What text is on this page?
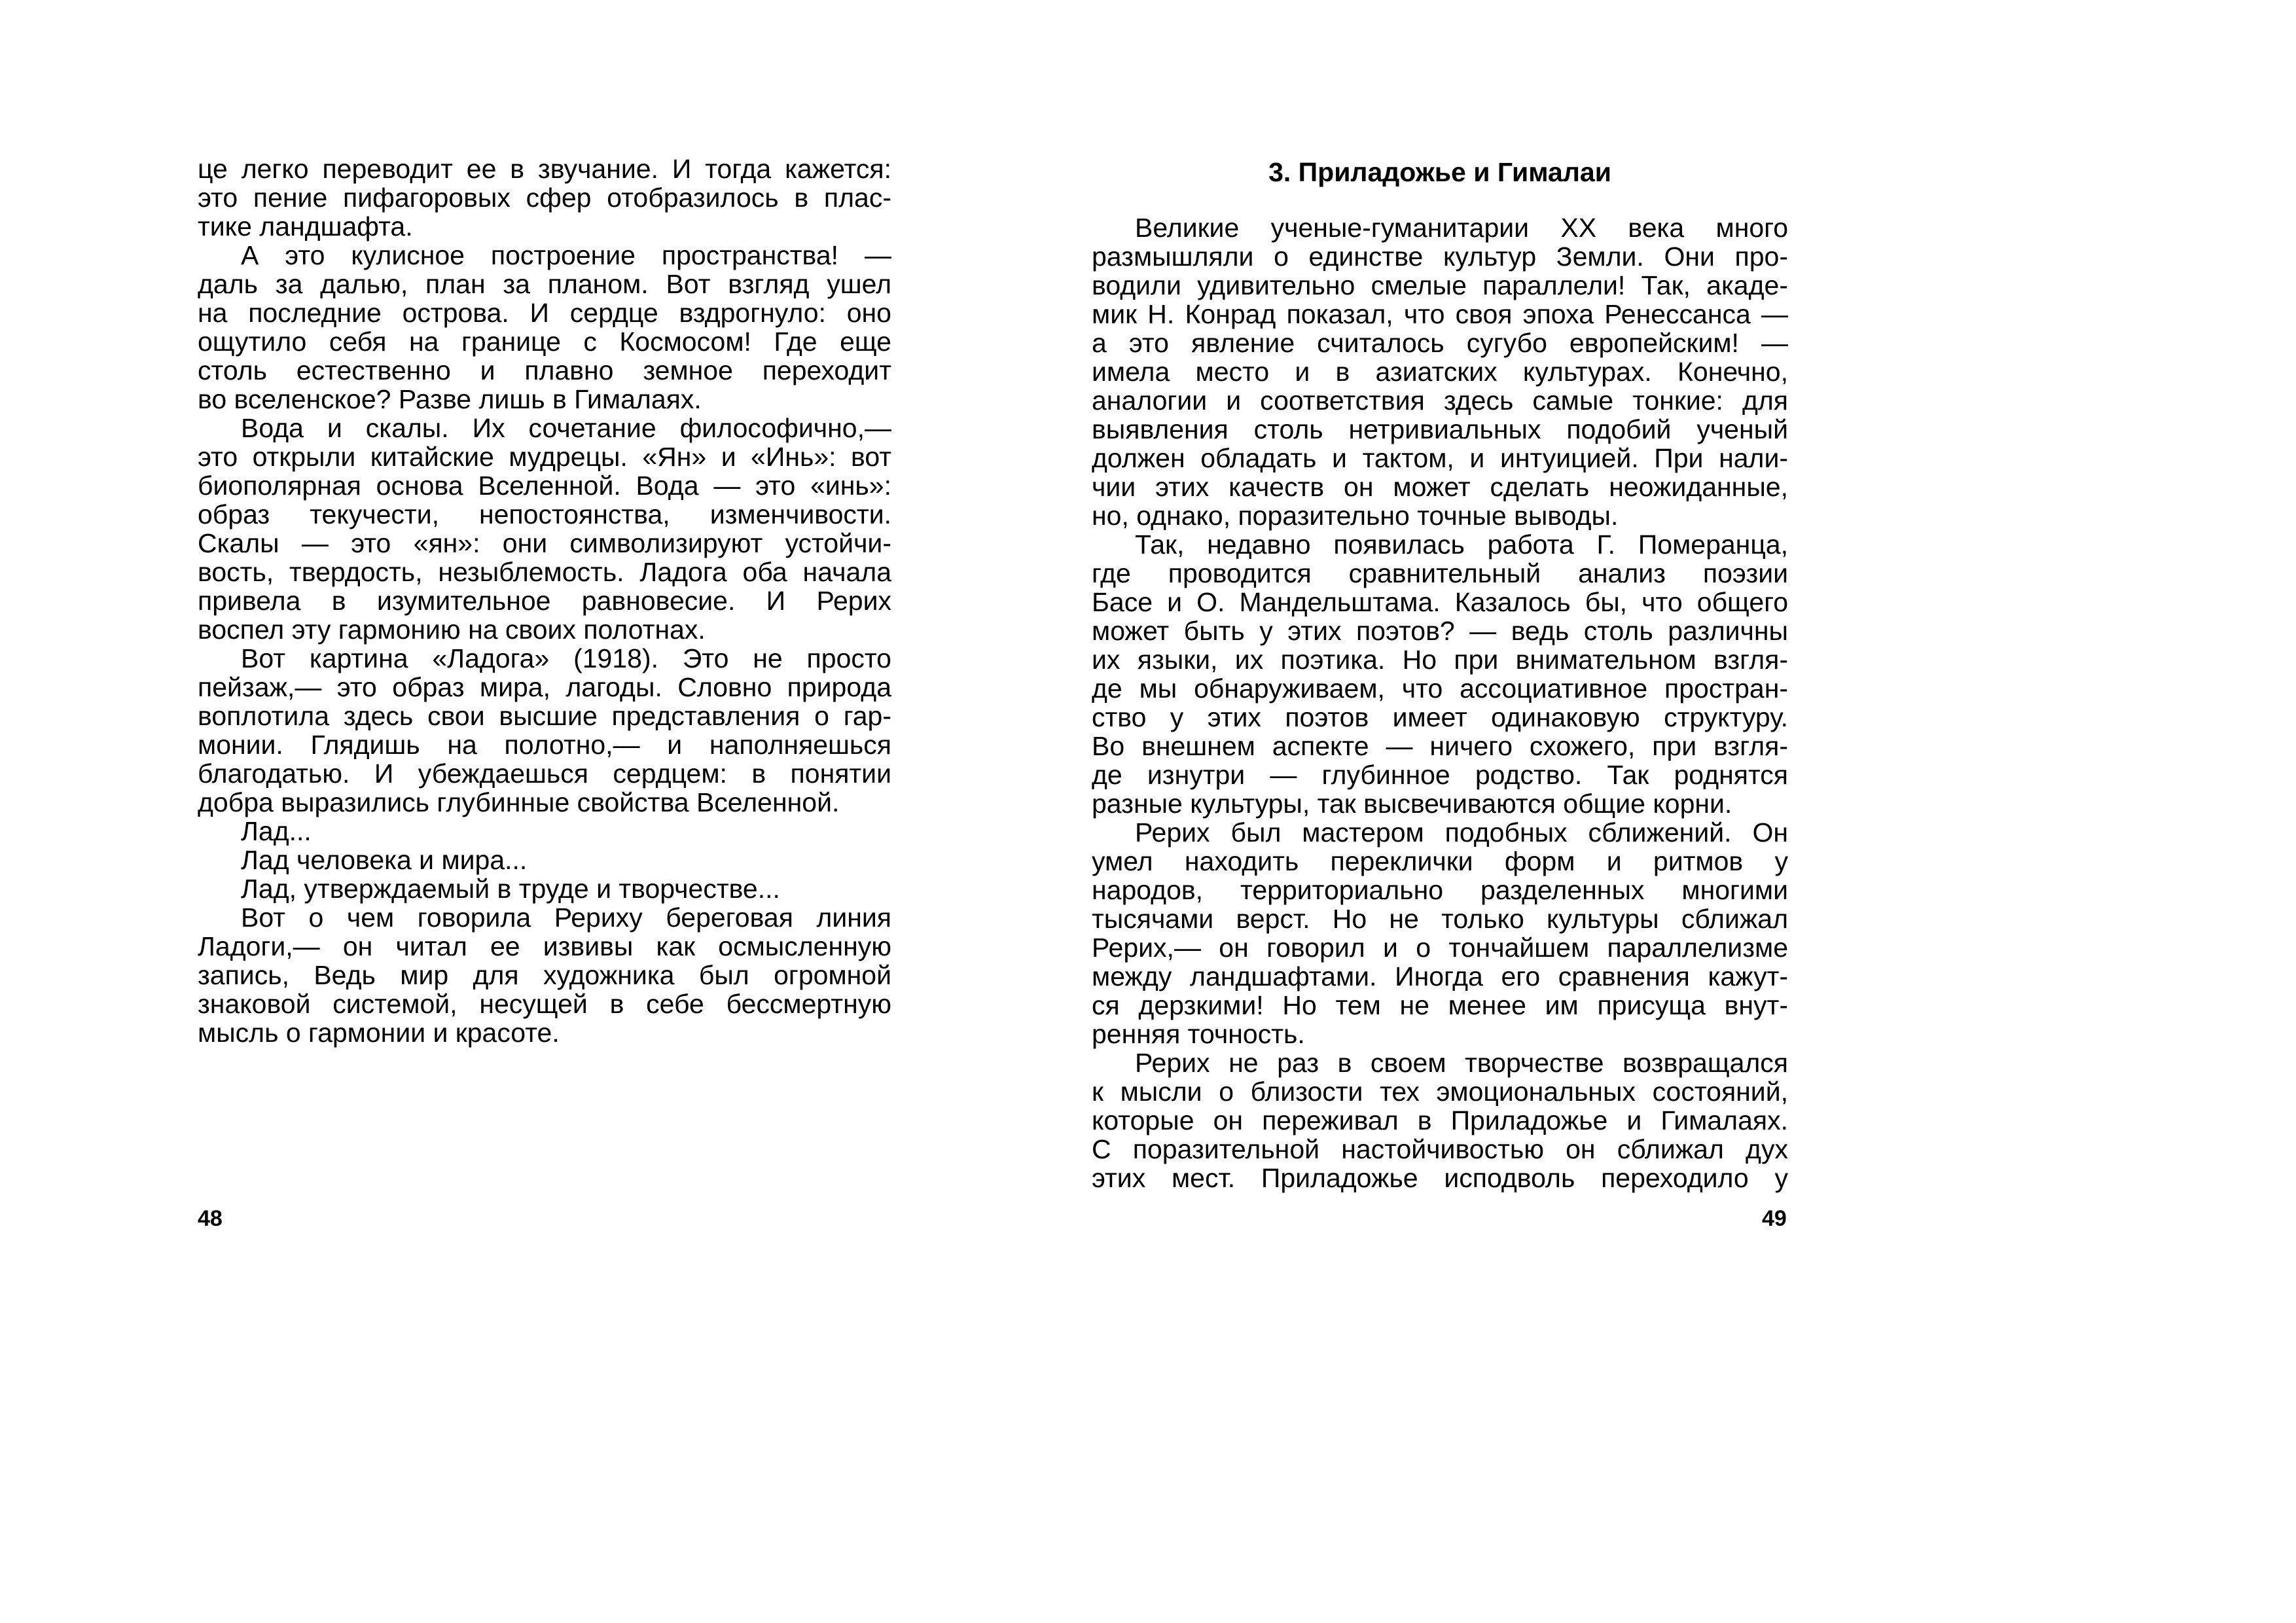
це легко переводит ее в звучание. И тогда кажется:
это пение пифагоровых сфер отобразилось в плас-
тике ландшафта.
А это кулисное построение пространства! —
даль за далью, план за планом. Вот взгляд ушел
на последние острова. И сердце вздрогнуло: оно
ощутило себя на границе с Космосом! Где еще
столь естественно и плавно земное переходит
во вселенское? Разве лишь в Гималаях.
Вода и скалы. Их сочетание философично,—
это открыли китайские мудрецы. «Ян» и «Инь»: вот
биополярная основа Вселенной. Вода — это «инь»:
образ текучести, непостоянства, изменчивости.
Скалы — это «ян»: они символизируют устойчи-
вость, твердость, незыблемость. Ладога оба начала
привела в изумительное равновесие. И Рерих
воспел эту гармонию на своих полотнах.
Вот картина «Ладога» (1918). Это не просто
пейзаж,— это образ мира, лагоды. Словно природа
воплотила здесь свои высшие представления о гар-
монии. Глядишь на полотно,— и наполняешься
благодатью. И убеждаешься сердцем: в понятии
добра выразились глубинные свойства Вселенной.
Лад...
Лад человека и мира...
Лад, утверждаемый в труде и творчестве...
Вот о чем говорила Рериху береговая линия
Ладоги,— он читал ее извивы как осмысленную
запись, Ведь мир для художника был огромной
знаковой системой, несущей в себе бессмертную
мысль о гармонии и красоте.
3. Приладожье и Гималаи
Великие ученые-гуманитарии XX века много
размышляли о единстве культур Земли. Они про-
водили удивительно смелые параллели! Так, акаде-
мик Н. Конрад показал, что своя эпоха Ренессанса —
а это явление считалось сугубо европейским! —
имела место и в азиатских культурах. Конечно,
аналогии и соответствия здесь самые тонкие: для
выявления столь нетривиальных подобий ученый
должен обладать и тактом, и интуицией. При нали-
чии этих качеств он может сделать неожиданные,
но, однако, поразительно точные выводы.
Так, недавно появилась работа Г. Померанца,
где проводится сравнительный анализ поэзии
Басе и О. Мандельштама. Казалось бы, что общего
может быть у этих поэтов? — ведь столь различны
их языки, их поэтика. Но при внимательном взгля-
де мы обнаруживаем, что ассоциативное простран-
ство у этих поэтов имеет одинаковую структуру.
Во внешнем аспекте — ничего схожего, при взгля-
де изнутри — глубинное родство. Так роднятся
разные культуры, так высвечиваются общие корни.
Рерих был мастером подобных сближений. Он
умел находить переклички форм и ритмов у
народов, территориально разделенных многими
тысячами верст. Но не только культуры сближал
Рерих,— он говорил и о тончайшем параллелизме
между ландшафтами. Иногда его сравнения кажут-
ся дерзкими! Но тем не менее им присуща внут-
ренняя точность.
Рерих не раз в своем творчестве возвращался
к мысли о близости тех эмоциональных состояний,
которые он переживал в Приладожье и Гималаях.
С поразительной настойчивостью он сближал дух
этих мест. Приладожье исподволь переходило у
48	49
